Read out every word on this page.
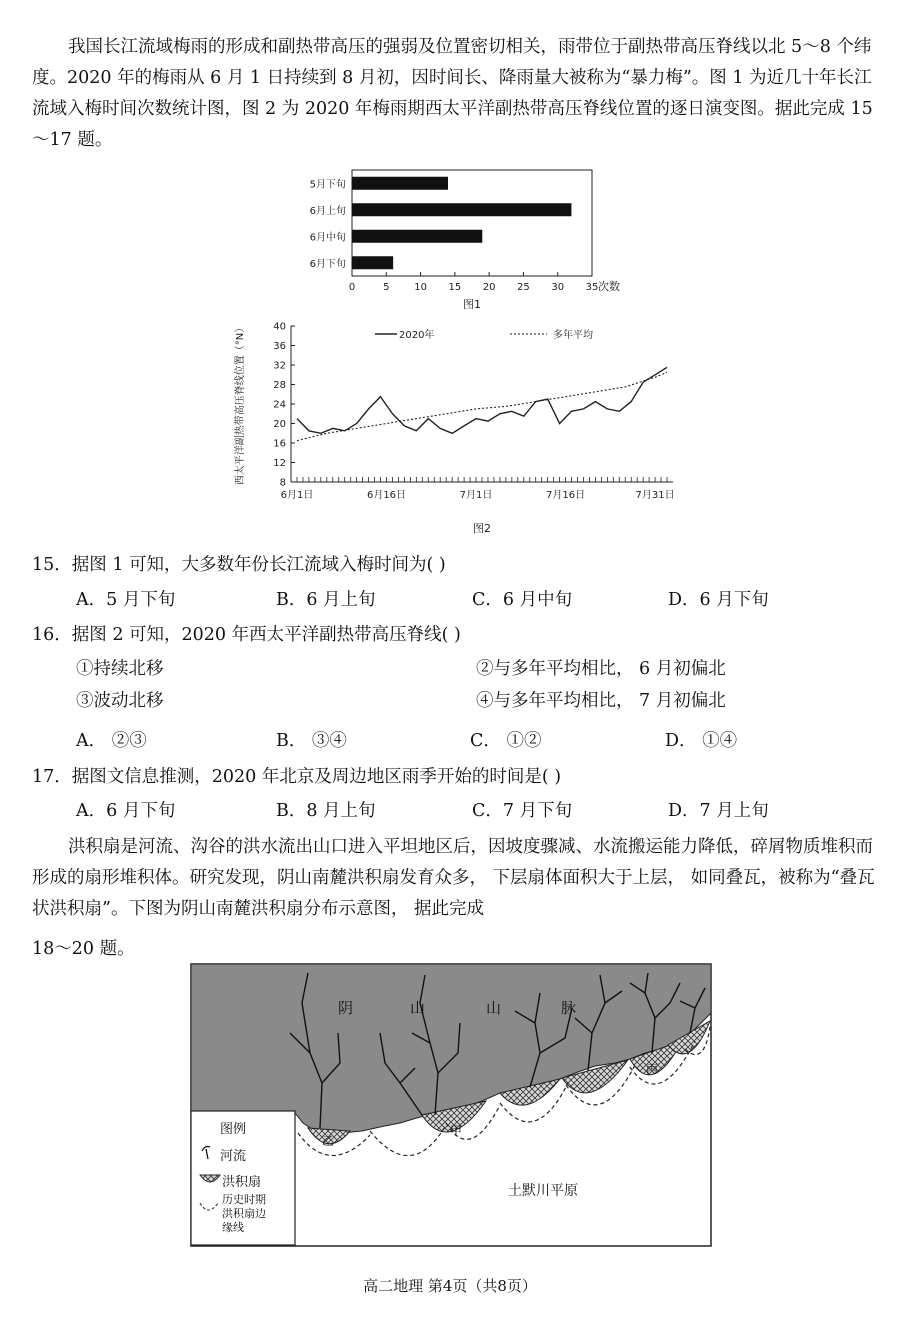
我国长江流域梅雨的形成和副热带高压的强弱及位置密切相关，雨带位于副热带高压脊线以北 5～8 个纬度。2020 年的梅雨从 6 月 1 日持续到 8 月初，因时间长、降雨量大被称为“暴力梅”。图 1 为近几十年长江流域入梅时间次数统计图，图 2 为 2020 年梅雨期西太平洋副热带高压脊线位置的逐日演变图。据此完成 15～17 题。

0	5 10 15 20 25 30 35 次数
图1
5月下旬
6月上旬
6月中旬
6月下旬
8
12
16
20
24
28
32
36
40
6月1日	6月16日	7月1日	7月16日	7月31日
图2
西太平洋副热带高压脊线位置（°N）	2020年	多年平均
15．据图 1 可知，大多数年份长江流域入梅时间为( )
A．5 月下旬	B．6 月上旬	C．6 月中旬	D．6 月下旬
16．据图 2 可知，2020 年西太平洋副热带高压脊线( )
①持续北移	②与多年平均相比， 6 月初偏北
③波动北移	④与多年平均相比， 7 月初偏北
A． ②③	B． ③④	C． ①②	D． ①④
17．据图文信息推测，2020 年北京及周边地区雨季开始的时间是( )
A．6 月下旬	B．8 月上旬	C．7 月下旬	D．7 月上旬

洪积扇是河流、沟谷的洪水流出山口进入平坦地区后，因坡度骤减、水流搬运能力降低，碎屑物质堆积而形成的扇形堆积体。研究发现，阴山南麓洪积扇发育众多， 下层扇体面积大于上层， 如同叠瓦，被称为“叠瓦状洪积扇”。下图为阴山南麓洪积扇分布示意图， 据此完成

18～20 题。

阴	山	山	脉
乙
甲
丙
土默川平原
图例
河流
洪积扇
历史时期
洪积扇边
缘线
高二地理 第4页（共8页）
